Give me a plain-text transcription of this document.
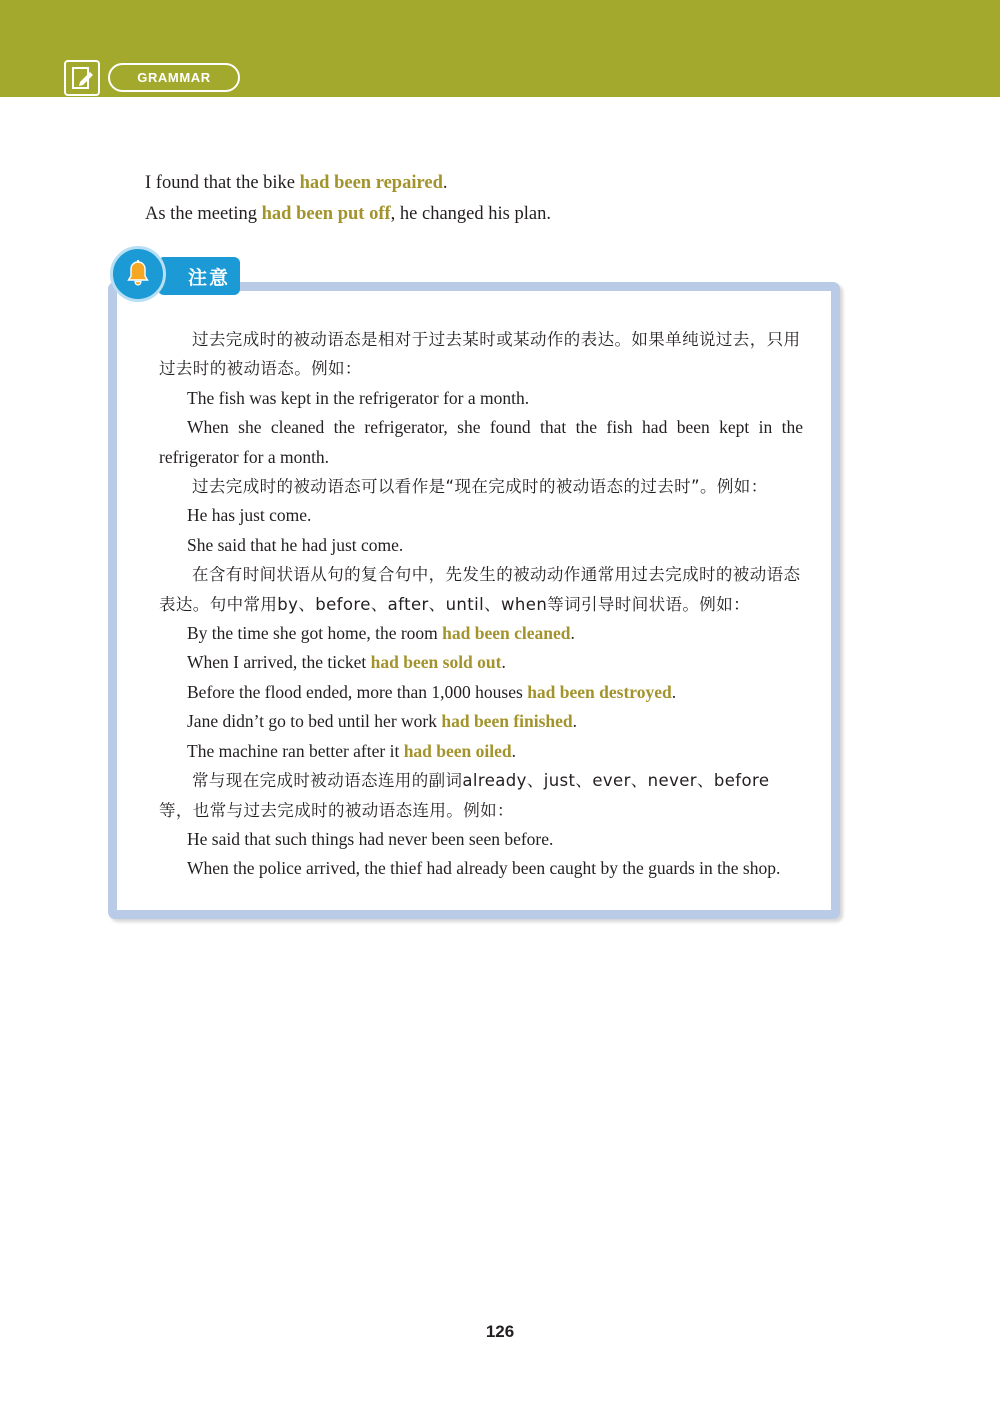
GRAMMAR

I found that the bike had been repaired.

As the meeting had been put off, he changed his plan.

注意

过去完成时的被动语态是相对于过去某时或某动作的表达。如果单纯说过去，只用过去时的被动语态。例如：

The fish was kept in the refrigerator for a month.

When she cleaned the refrigerator, she found that the fish had been kept in the refrigerator for a month.

过去完成时的被动语态可以看作是“现在完成时的被动语态的过去时”。例如：

He has just come.

She said that he had just come.

在含有时间状语从句的复合句中，先发生的被动动作通常用过去完成时的被动语态表达。句中常用by、before、after、until、when等词引导时间状语。例如：

By the time she got home, the room had been cleaned.

When I arrived, the ticket had been sold out.

Before the flood ended, more than 1,000 houses had been destroyed.

Jane didn’t go to bed until her work had been finished.

The machine ran better after it had been oiled.

常与现在完成时被动语态连用的副词already、just、ever、never、before等，也常与过去完成时的被动语态连用。例如：

He said that such things had never been seen before.

When the police arrived, the thief had already been caught by the guards in the shop.

126
